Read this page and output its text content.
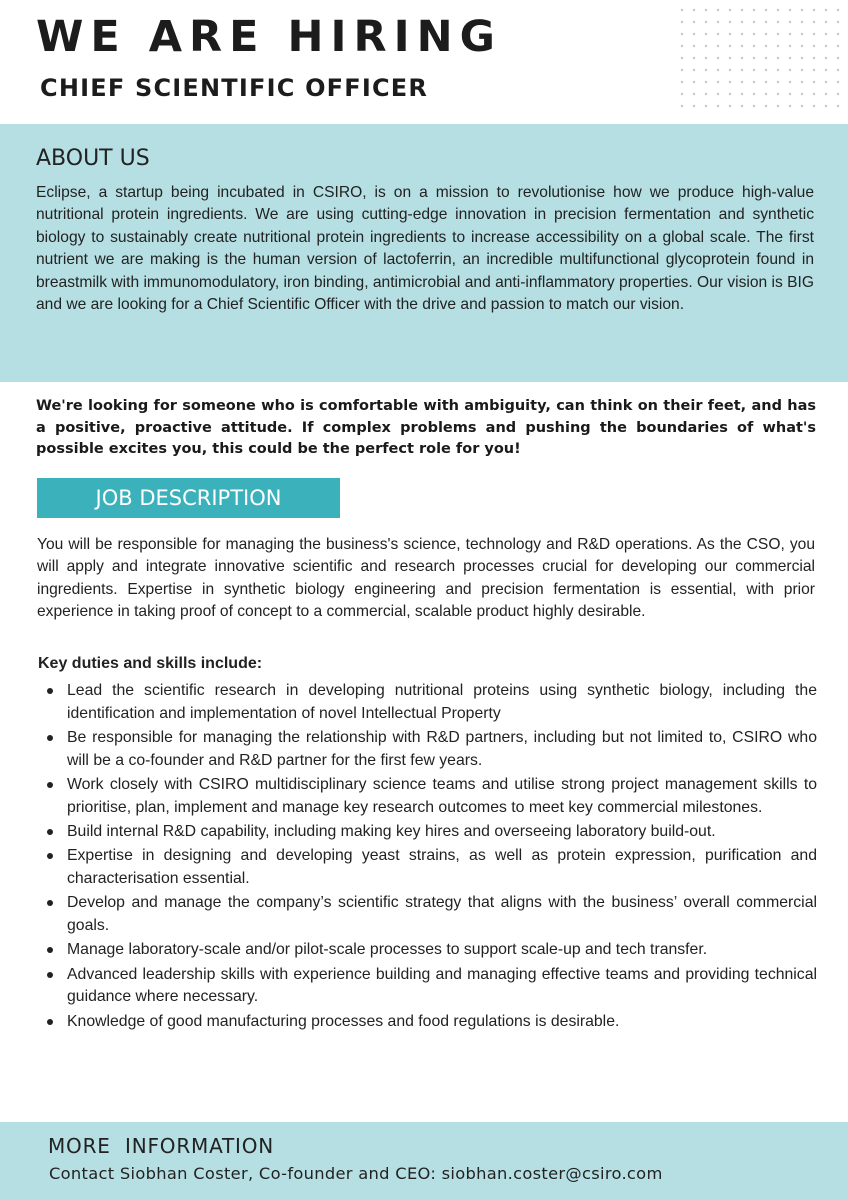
WE ARE HIRING
CHIEF SCIENTIFIC OFFICER
ABOUT US

Eclipse, a startup being incubated in CSIRO, is on a mission to revolutionise how we produce high-value nutritional protein ingredients. We are using cutting-edge innovation in precision fermentation and synthetic biology to sustainably create nutritional protein ingredients to increase accessibility on a global scale. The first nutrient we are making is the human version of lactoferrin, an incredible multifunctional glycoprotein found in breastmilk with immunomodulatory, iron binding, antimicrobial and anti-inflammatory properties. Our vision is BIG and we are looking for a Chief Scientific Officer with the drive and passion to match our vision.

We're looking for someone who is comfortable with ambiguity, can think on their feet, and has a positive, proactive attitude. If complex problems and pushing the boundaries of what's possible excites you, this could be the perfect role for you!

JOB DESCRIPTION

You will be responsible for managing the business's science, technology and R&D operations. As the CSO, you will apply and integrate innovative scientific and research processes crucial for developing our commercial ingredients. Expertise in synthetic biology engineering and precision fermentation is essential, with prior experience in taking proof of concept to a commercial, scalable product highly desirable.

Key duties and skills include:
Lead the scientific research in developing nutritional proteins using synthetic biology, including the identification and implementation of novel Intellectual Property
Be responsible for managing the relationship with R&D partners, including but not limited to, CSIRO who will be a co-founder and R&D partner for the first few years.
Work closely with CSIRO multidisciplinary science teams and utilise strong project management skills to prioritise, plan, implement and manage key research outcomes to meet key commercial milestones.
Build internal R&D capability, including making key hires and overseeing laboratory build-out.
Expertise in designing and developing yeast strains, as well as protein expression, purification and characterisation essential.
Develop and manage the company’s scientific strategy that aligns with the business’ overall commercial goals.
Manage laboratory-scale and/or pilot-scale processes to support scale-up and tech transfer.
Advanced leadership skills with experience building and managing effective teams and providing technical guidance where necessary.
Knowledge of good manufacturing processes and food regulations is desirable.
MORE  INFORMATION

Contact Siobhan Coster, Co-founder and CEO: siobhan.coster@csiro.com
